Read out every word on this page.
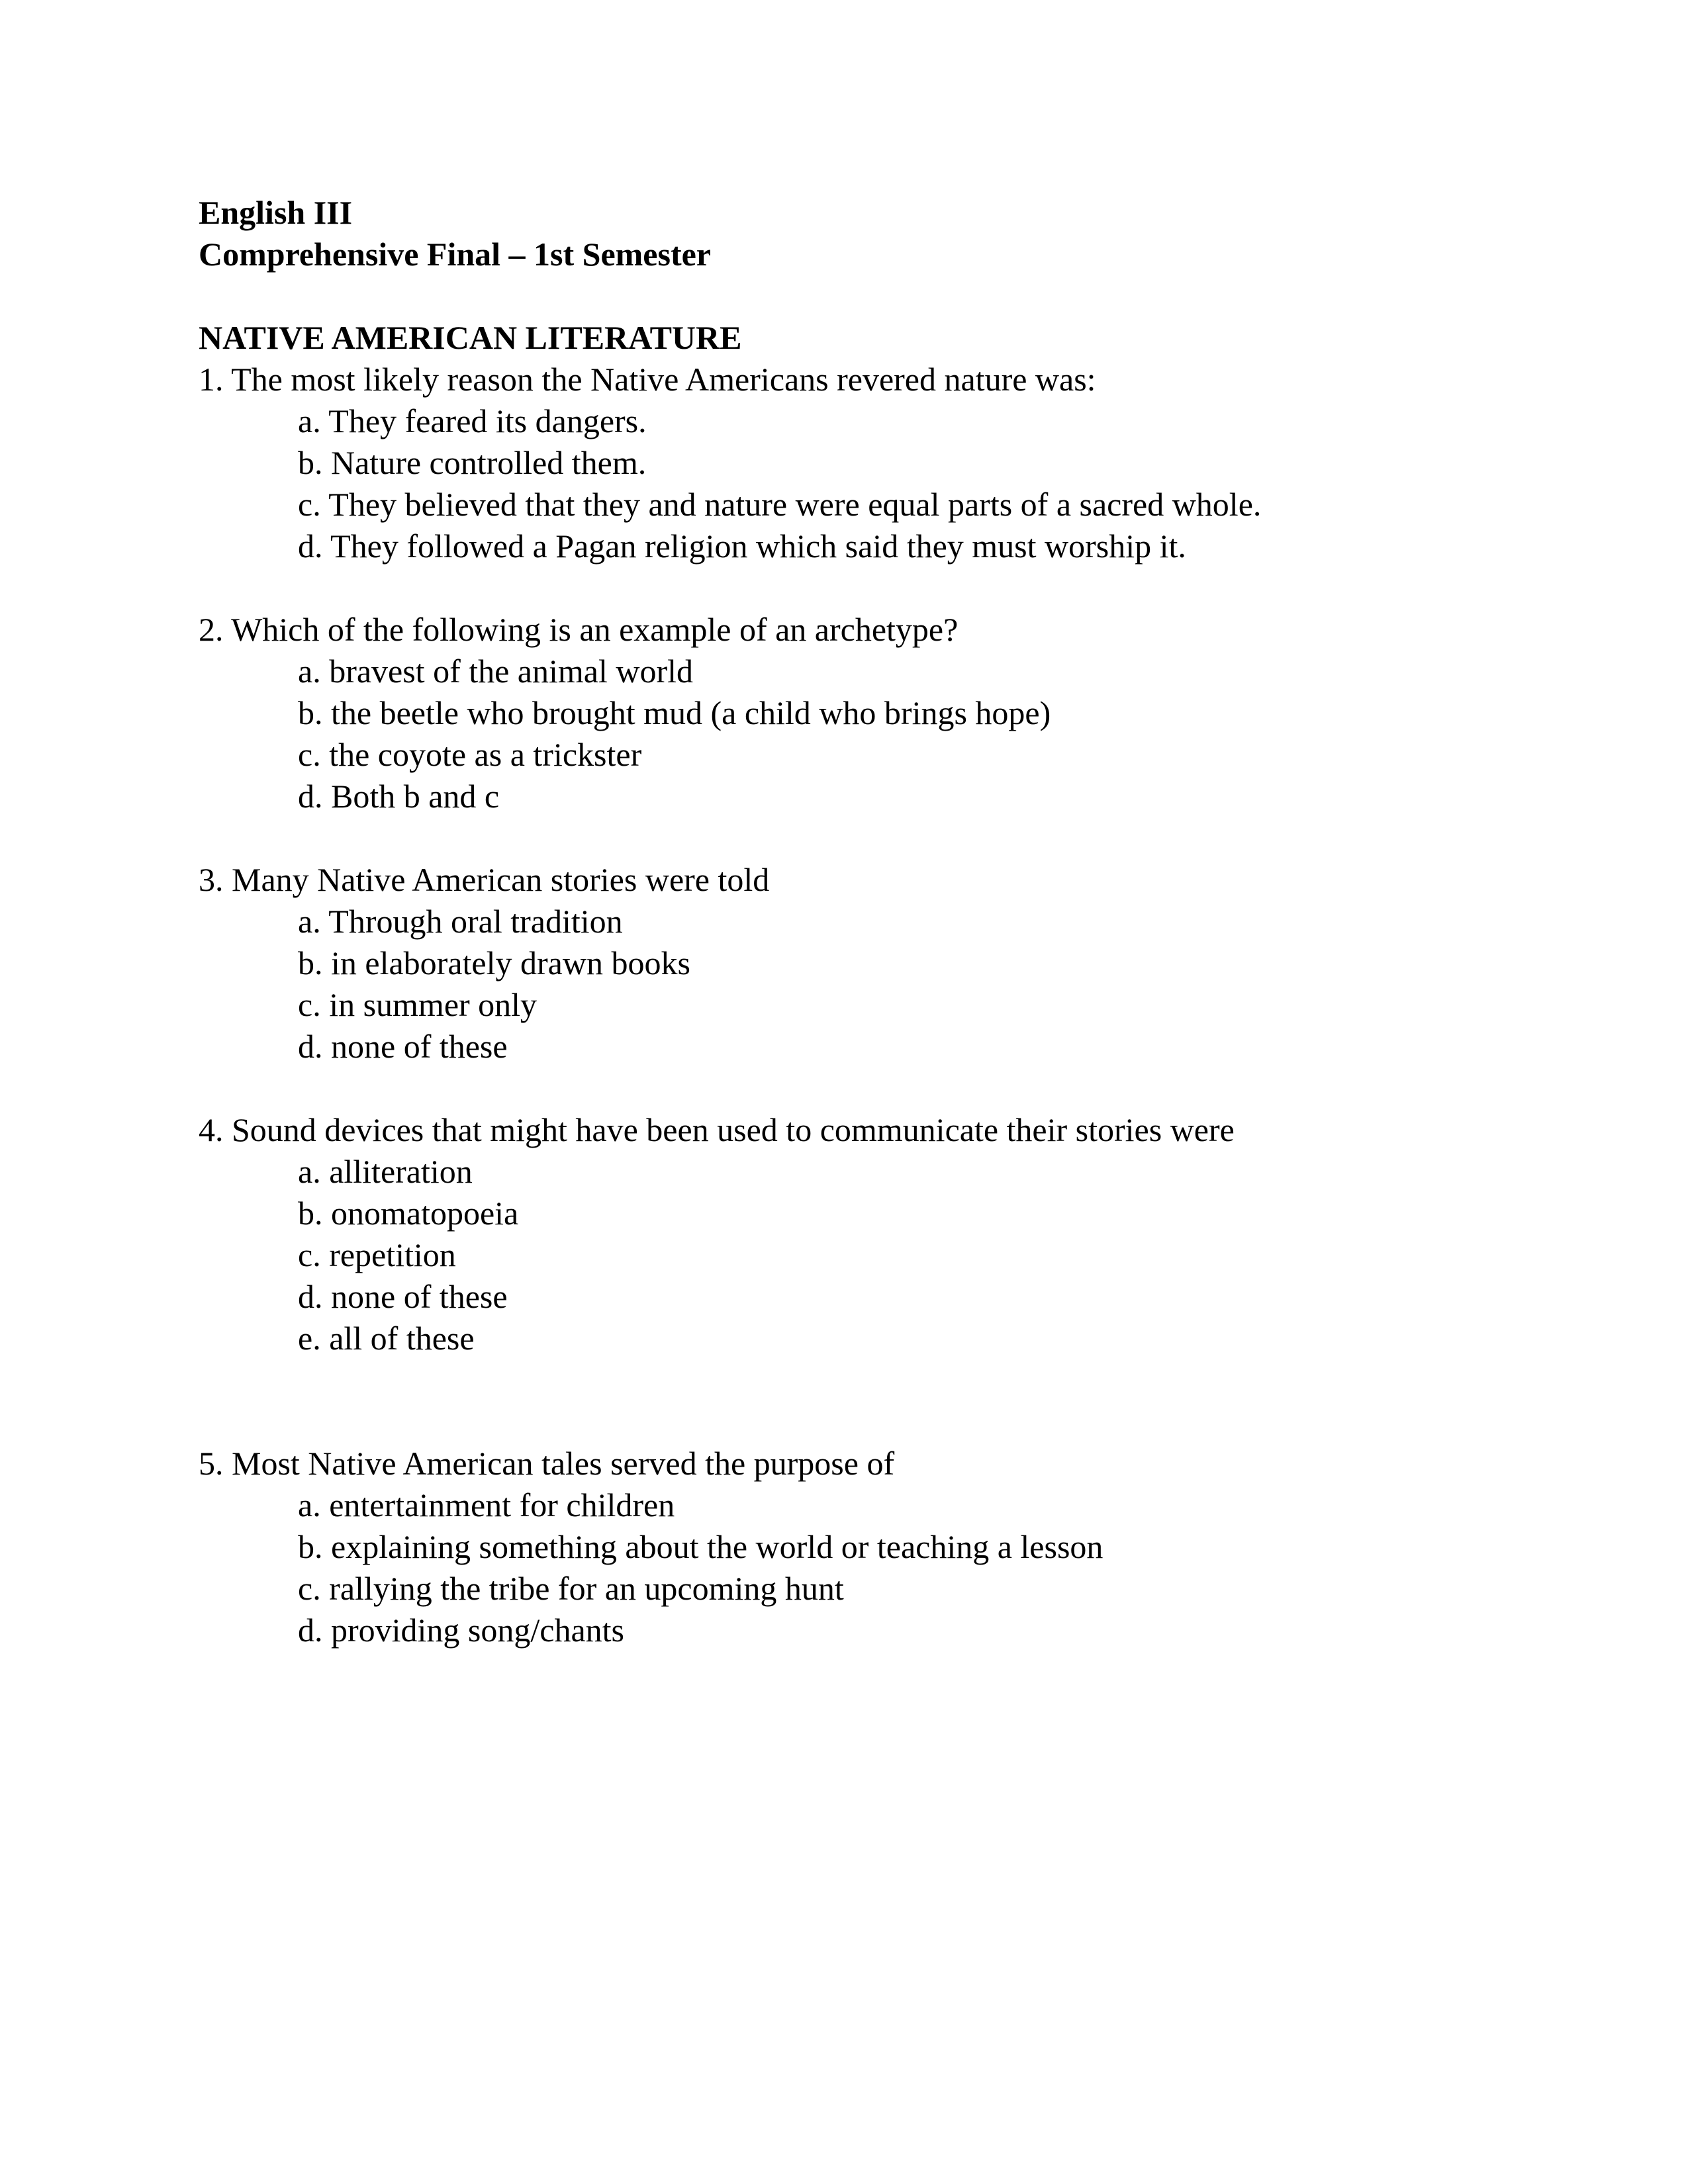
English III
Comprehensive Final – 1st Semester
NATIVE AMERICAN LITERATURE
1. The most likely reason the Native Americans revered nature was:
a. They feared its dangers.
b. Nature controlled them.
c. They believed that they and nature were equal parts of a sacred whole.
d. They followed a Pagan religion which said they must worship it.
2. Which of the following is an example of an archetype?
a. bravest of the animal world
b. the beetle who brought mud (a child who brings hope)
c. the coyote as a trickster
d. Both b and c
3. Many Native American stories were told
a. Through oral tradition
b. in elaborately drawn books
c. in summer only
d. none of these
4. Sound devices that might have been used to communicate their stories were
a. alliteration
b. onomatopoeia
c. repetition
d. none of these
e. all of these
5. Most Native American tales served the purpose of
a. entertainment for children
b. explaining something about the world or teaching a lesson
c. rallying the tribe for an upcoming hunt
d. providing song/chants
